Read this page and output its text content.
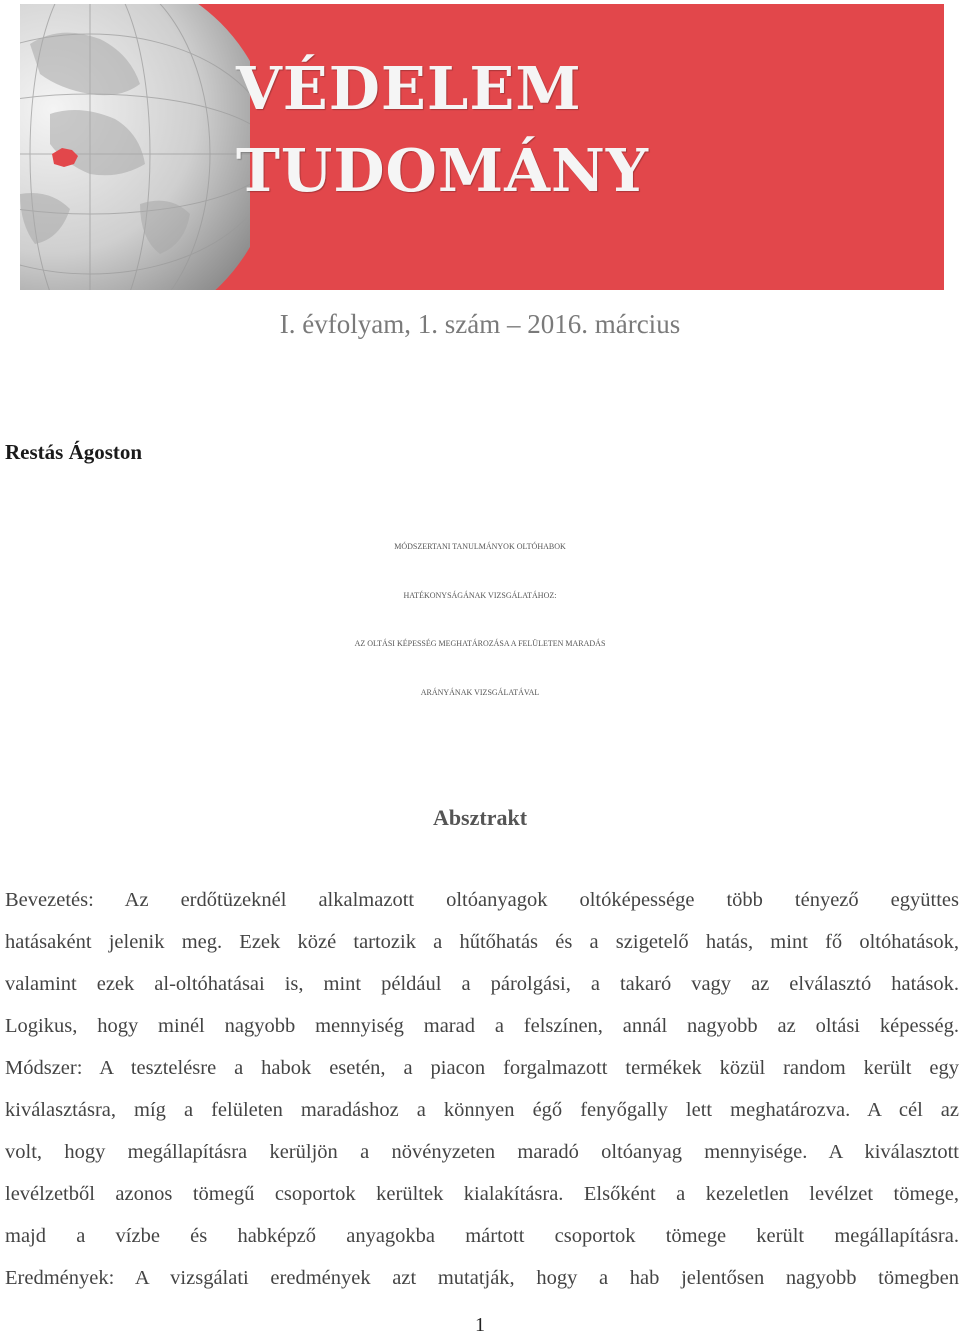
VÉDELEM
TUDOMÁNY
I. évfolyam, 1. szám – 2016. március
Restás Ágoston
MÓDSZERTANI TANULMÁNYOK OLTÓHABOK
HATÉKONYSÁGÁNAK VIZSGÁLATÁHOZ:
AZ OLTÁSI KÉPESSÉG MEGHATÁROZÁSA A FELÜLETEN MARADÁS
ARÁNYÁNAK VIZSGÁLATÁVAL
Absztrakt
Bevezetés: Az erdőtüzeknél alkalmazott oltóanyagok oltóképessége több tényező együttes
hatásaként jelenik meg. Ezek közé tartozik a hűtőhatás és a szigetelő hatás, mint fő oltóhatások,
valamint ezek al-oltóhatásai is, mint például a párolgási, a takaró vagy az elválasztó hatások.
Logikus, hogy minél nagyobb mennyiség marad a felszínen, annál nagyobb az oltási képesség.
Módszer: A tesztelésre a habok esetén, a piacon forgalmazott termékek közül random került egy
kiválasztásra, míg a felületen maradáshoz a könnyen égő fenyőgally lett meghatározva. A cél az
volt, hogy megállapításra kerüljön a növényzeten maradó oltóanyag mennyisége. A kiválasztott
levélzetből azonos tömegű csoportok kerültek kialakításra. Elsőként a kezeletlen levélzet tömege,
majd a vízbe és habképző anyagokba mártott csoportok tömege került megállapításra.
Eredmények: A vizsgálati eredmények azt mutatják, hogy a hab jelentősen nagyobb tömegben
1
